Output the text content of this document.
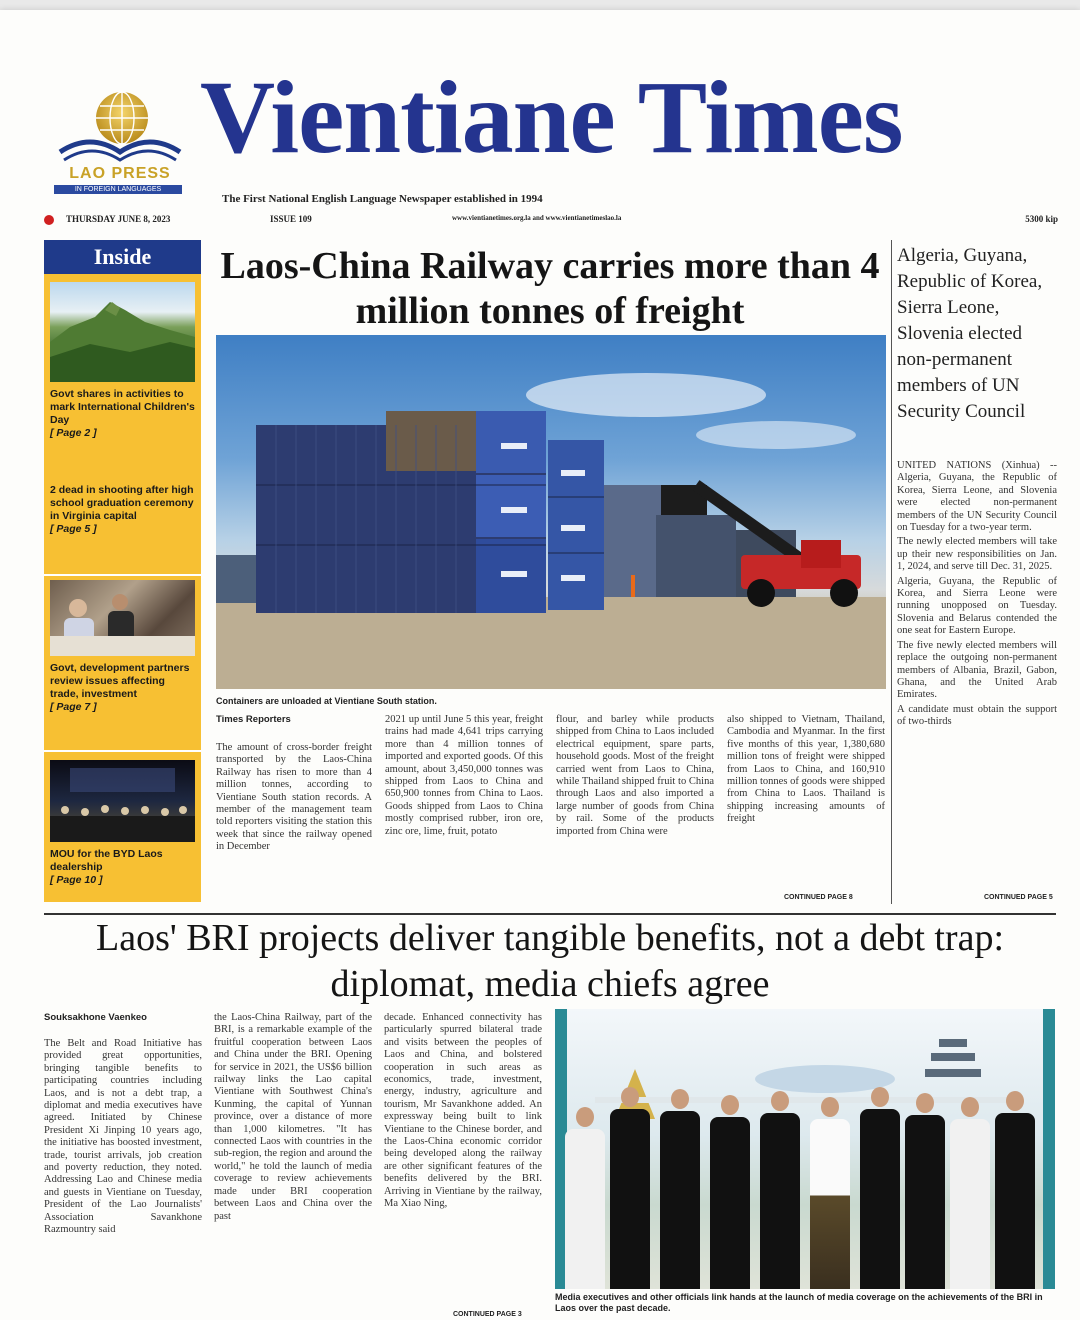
LAO PRESS
IN FOREIGN LANGUAGES
Vientiane Times
The First National English Language Newspaper established in 1994
THURSDAY JUNE 8, 2023	ISSUE 109	www.vientianetimes.org.la and www.vientianetimeslao.la	5300 kip
Inside
Govt shares in activities to mark International Children's Day
[ Page 2 ]
2 dead in shooting after high school graduation ceremony in Virginia capital
[ Page 5 ]
Govt, development partners review issues affecting trade, investment
[ Page 7 ]
MOU for the BYD Laos dealership
[ Page 10 ]
Laos-China Railway carries more than 4 million tonnes of freight
Containers are unloaded at Vientiane South station.
Times Reporters
The amount of cross-border freight transported by the Laos-China Railway has risen to more than 4 million tonnes, according to Vientiane South station records. A member of the management team told reporters visiting the station this week that since the railway opened in December
2021 up until June 5 this year, freight trains had made 4,641 trips carrying more than 4 million tonnes of imported and exported goods. Of this amount, about 3,450,000 tonnes was shipped from Laos to China and 650,900 tonnes from China to Laos. Goods shipped from Laos to China mostly comprised rubber, iron ore, zinc ore, lime, fruit, potato
flour, and barley while products shipped from China to Laos included electrical equipment, spare parts, household goods. Most of the freight carried went from Laos to China, while Thailand shipped fruit to China through Laos and also imported a large number of goods from China by rail. Some of the products imported from China were
also shipped to Vietnam, Thailand, Cambodia and Myanmar. In the first five months of this year, 1,380,680 million tons of freight were shipped from Laos to China, and 160,910 million tonnes of goods were shipped from China to Laos. Thailand is shipping increasing amounts of freight
CONTINUED PAGE 8
Algeria, Guyana, Republic of Korea, Sierra Leone, Slovenia elected non-permanent members of UN Security Council

UNITED NATIONS (Xinhua) -- Algeria, Guyana, the Republic of Korea, Sierra Leone, and Slovenia were elected non-permanent members of the UN Security Council on Tuesday for a two-year term.

The newly elected members will take up their new responsibilities on Jan. 1, 2024, and serve till Dec. 31, 2025.

Algeria, Guyana, the Republic of Korea, and Sierra Leone were running unopposed on Tuesday. Slovenia and Belarus contended the one seat for Eastern Europe.

The five newly elected members will replace the outgoing non-permanent members of Albania, Brazil, Gabon, Ghana, and the United Arab Emirates.

A candidate must obtain the support of two-thirds

CONTINUED PAGE 5
Laos' BRI projects deliver tangible benefits, not a debt trap: diplomat, media chiefs agree
Souksakhone Vaenkeo
The Belt and Road Initiative has provided great opportunities, bringing tangible benefits to participating countries including Laos, and is not a debt trap, a diplomat and media executives have agreed. Initiated by Chinese President Xi Jinping 10 years ago, the initiative has boosted investment, trade, tourist arrivals, job creation and poverty reduction, they noted. Addressing Lao and Chinese media and guests in Vientiane on Tuesday, President of the Lao Journalists' Association Savankhone Razmountry said
the Laos-China Railway, part of the BRI, is a remarkable example of the fruitful cooperation between Laos and China under the BRI. Opening for service in 2021, the US$6 billion railway links the Lao capital Vientiane with Southwest China's Kunming, the capital of Yunnan province, over a distance of more than 1,000 kilometres. "It has connected Laos with countries in the sub-region, the region and around the world," he told the launch of media coverage to review achievements made under BRI cooperation between Laos and China over the past
decade. Enhanced connectivity has particularly spurred bilateral trade and visits between the peoples of Laos and China, and bolstered cooperation in such areas as economics, trade, investment, energy, industry, agriculture and tourism, Mr Savankhone added. An expressway being built to link Vientiane to the Chinese border, and the Laos-China economic corridor being developed along the railway are other significant features of the benefits delivered by the BRI. Arriving in Vientiane by the railway, Ma Xiao Ning,
CONTINUED PAGE 3
Media executives and other officials link hands at the launch of media coverage on the achievements of the BRI in Laos over the past decade.
